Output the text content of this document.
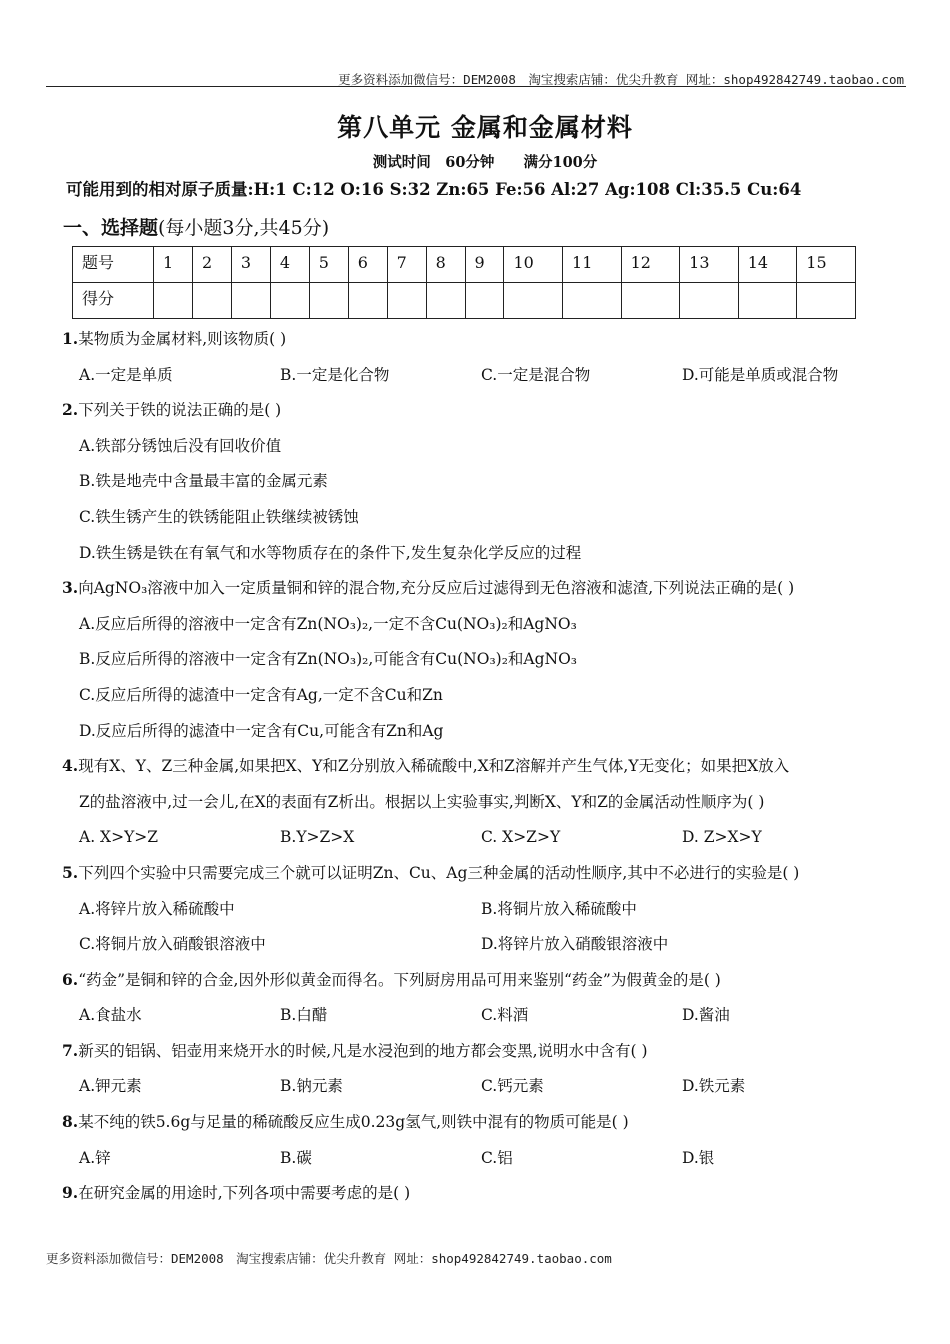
更多资料添加微信号：DEM2008　淘宝搜索店铺：优尖升教育 网址：shop492842749.taobao.com
第八单元 金属和金属材料
测试时间　60分钟 满分100分
可能用到的相对原子质量:H:1 C:12 O:16 S:32 Zn:65 Fe:56 Al:27 Ag:108 Cl:35.5 Cu:64
一、选择题(每小题3分,共45分)
题号	1	2	3	4	5	6	7	8	9	10	11	12	13	14	15
得分															
1.某物质为金属材料,则该物质( )
A.一定是单质	B.一定是化合物	C.一定是混合物	D.可能是单质或混合物
2.下列关于铁的说法正确的是( )
A.铁部分锈蚀后没有回收价值
B.铁是地壳中含量最丰富的金属元素
C.铁生锈产生的铁锈能阻止铁继续被锈蚀
D.铁生锈是铁在有氧气和水等物质存在的条件下,发生复杂化学反应的过程
3.向AgNO₃溶液中加入一定质量铜和锌的混合物,充分反应后过滤得到无色溶液和滤渣,下列说法正确的是( )
A.反应后所得的溶液中一定含有Zn(NO₃)₂,一定不含Cu(NO₃)₂和AgNO₃
B.反应后所得的溶液中一定含有Zn(NO₃)₂,可能含有Cu(NO₃)₂和AgNO₃
C.反应后所得的滤渣中一定含有Ag,一定不含Cu和Zn
D.反应后所得的滤渣中一定含有Cu,可能含有Zn和Ag
4.现有X、Y、Z三种金属,如果把X、Y和Z分别放入稀硫酸中,X和Z溶解并产生气体,Y无变化；如果把X放入
Z的盐溶液中,过一会儿,在X的表面有Z析出。根据以上实验事实,判断X、Y和Z的金属活动性顺序为( )
A. X>Y>Z	B.Y>Z>X	C. X>Z>Y	D. Z>X>Y
5.下列四个实验中只需要完成三个就可以证明Zn、Cu、Ag三种金属的活动性顺序,其中不必进行的实验是( )
A.将锌片放入稀硫酸中	B.将铜片放入稀硫酸中
C.将铜片放入硝酸银溶液中	D.将锌片放入硝酸银溶液中
6.“药金”是铜和锌的合金,因外形似黄金而得名。下列厨房用品可用来鉴别“药金”为假黄金的是( )
A.食盐水	B.白醋	C.料酒	D.酱油
7.新买的铝锅、铝壶用来烧开水的时候,凡是水浸泡到的地方都会变黑,说明水中含有( )
A.钾元素	B.钠元素	C.钙元素	D.铁元素
8.某不纯的铁5.6g与足量的稀硫酸反应生成0.23g氢气,则铁中混有的物质可能是( )
A.锌	B.碳	C.铝	D.银
9.在研究金属的用途时,下列各项中需要考虑的是( )
更多资料添加微信号：DEM2008　淘宝搜索店铺：优尖升教育 网址：shop492842749.taobao.com
